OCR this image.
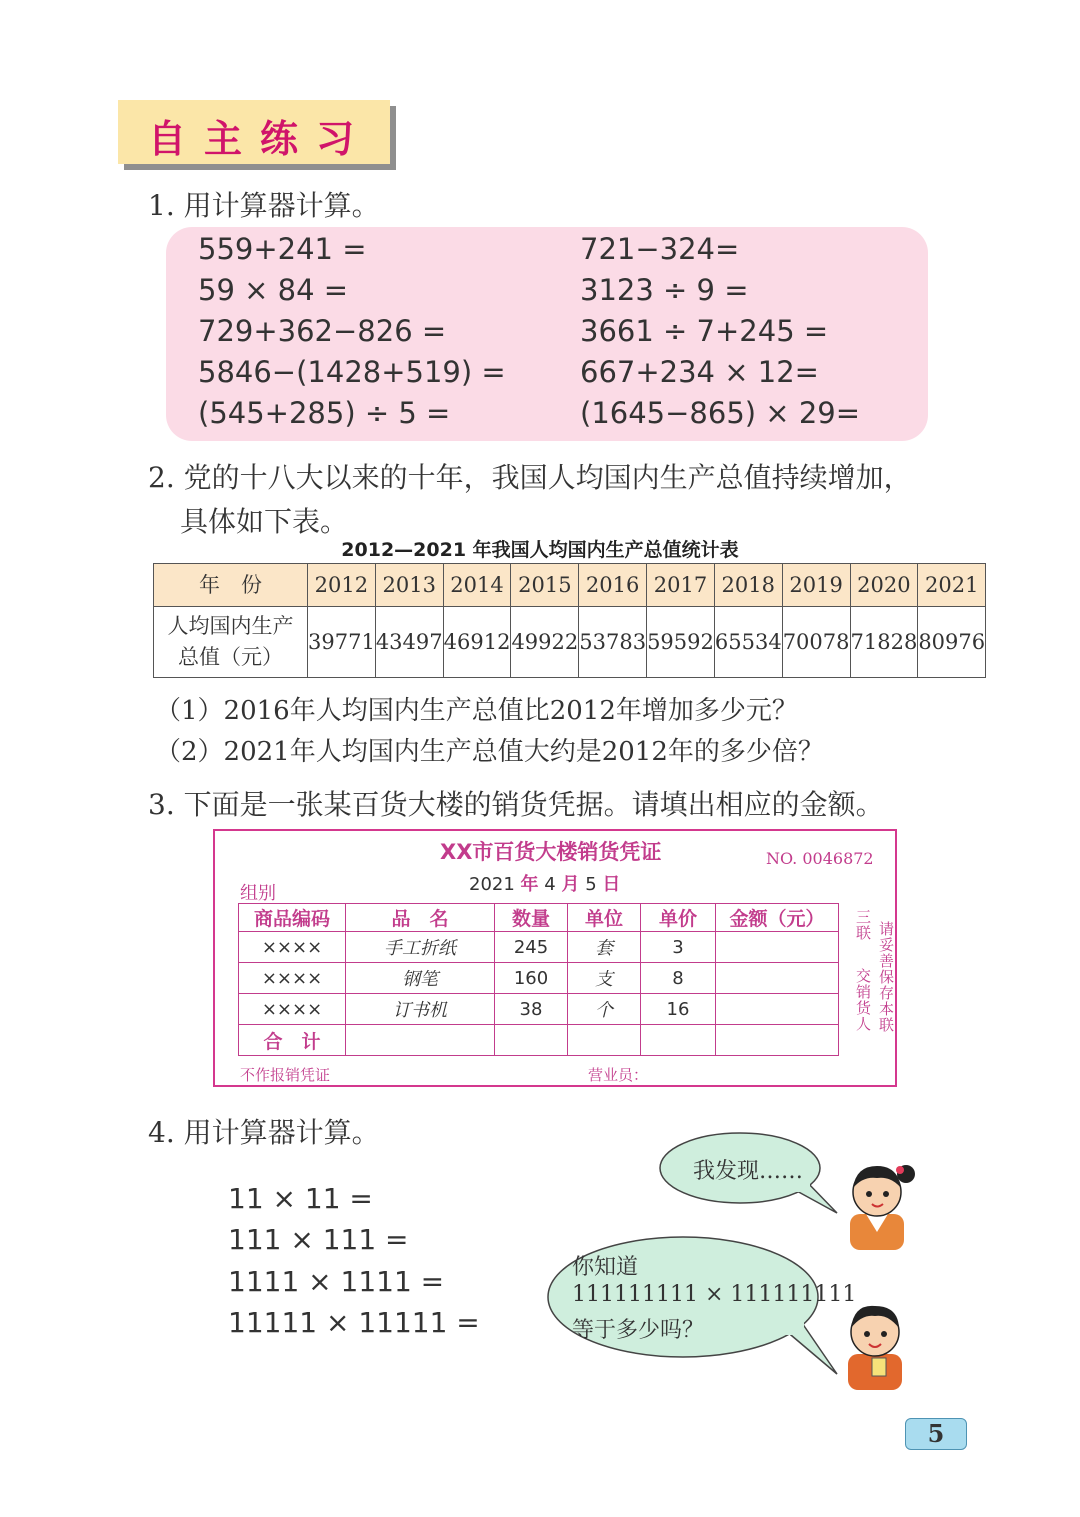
自主练习
1. 用计算器计算。
559+241 =
59 × 84 =
729+362−826 =
5846−(1428+519) =
(545+285) ÷ 5 =
721−324=
3123 ÷ 9 =
3661 ÷ 7+245 =
667+234 × 12=
(1645−865) × 29=
2. 党的十八大以来的十年，我国人均国内生产总值持续增加，
具体如下表。
2012—2021 年我国人均国内生产总值统计表
年　份	2012	2013	2014	2015	2016	2017	2018	2019	2020	2021

人均国内生产
总值（元）	39771	43497	46912	49922	53783	59592	65534	70078	71828	80976
（1）2016年人均国内生产总值比2012年增加多少元？
（2）2021年人均国内生产总值大约是2012年的多少倍？
3. 下面是一张某百货大楼的销货凭据。请填出相应的金额。
XX市百货大楼销货凭证	NO. 0046872
2021 年 4 月 5 日
组别
商品编码	品　名	数量	单位	单价	金额（元）
××××	手工折纸	245	套	3	
××××	钢笔	160	支	8	
××××	订书机	38	个	16	
合　计					
三联
交销货人 请妥善保存本联
不作报销凭证	营业员：
4. 用计算器计算。
11 × 11 =
111 × 111 =
1111 × 1111 =
11111 × 11111 =
我发现……
你知道
111111111 × 111111111
等于多少吗？
5
